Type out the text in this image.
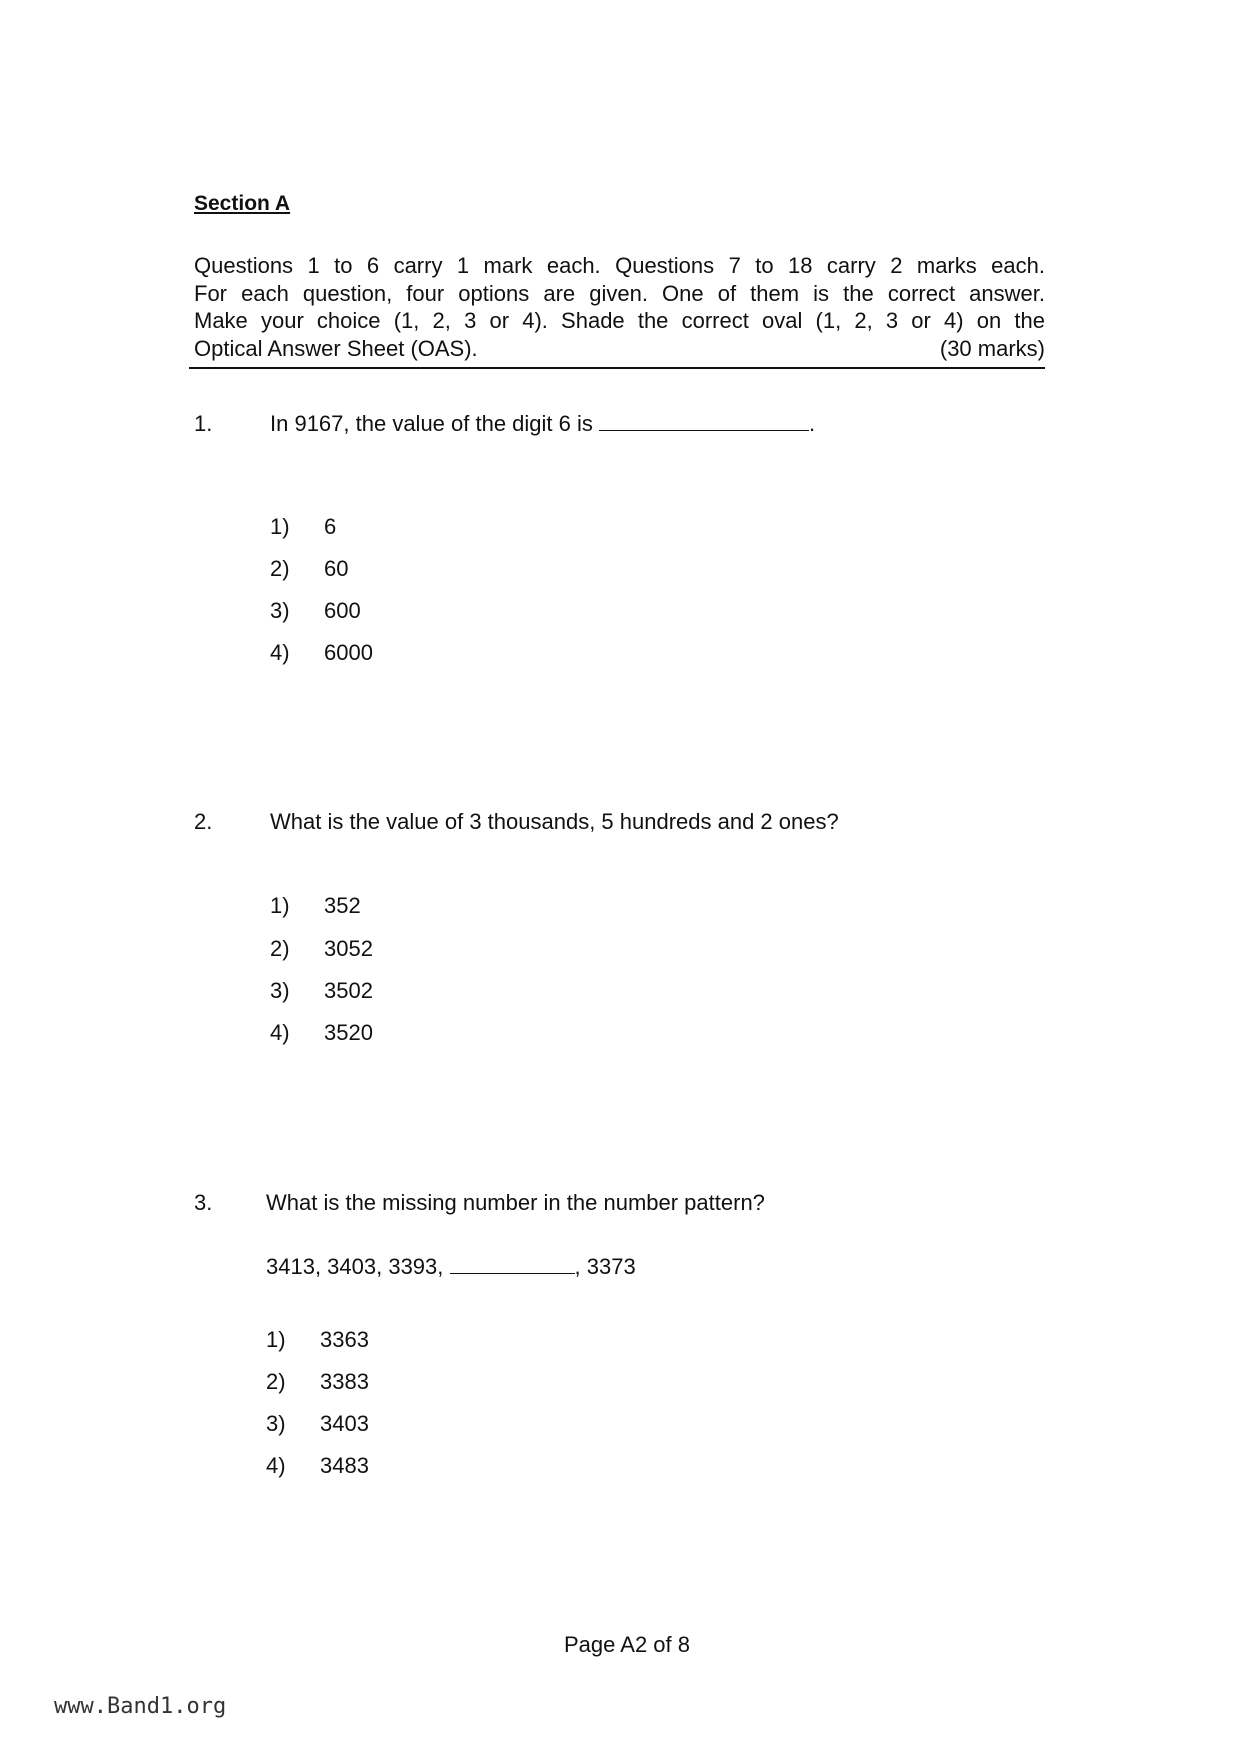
Section A

Questions 1 to 6 carry 1 mark each. Questions 7 to 18 carry 2 marks each.

For each question, four options are given. One of them is the correct answer.

Make your choice (1, 2, 3 or 4). Shade the correct oval (1, 2, 3 or 4) on the

Optical Answer Sheet (OAS).	(30 marks)
1.	In 9167, the value of the digit 6 is	.
1) 6
2) 60
3) 600
4) 6000
2.	What is the value of 3 thousands, 5 hundreds and 2 ones?
1) 352
2) 3052
3) 3502
4) 3520
3. What is the missing number in the number pattern?
3413, 3403, 3393,	, 3373
1) 3363
2) 3383
3) 3403
4) 3483
Page A2 of 8
www.Band1.org
